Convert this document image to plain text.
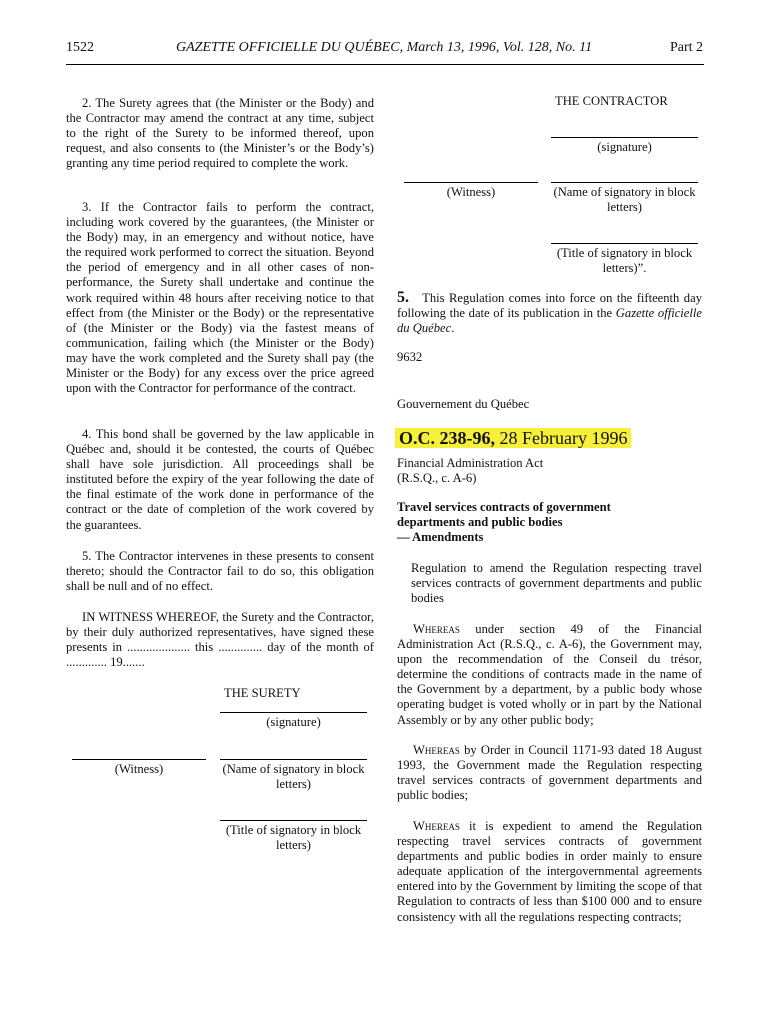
1522	GAZETTE OFFICIELLE DU QUÉBEC, March 13, 1996, Vol. 128, No. 11	Part 2

2. The Surety agrees that (the Minister or the Body) and the Contractor may amend the contract at any time, subject to the right of the Surety to be informed thereof, upon request, and also consents to (the Minister’s or the Body’s) granting any time period required to complete the work.

3. If the Contractor fails to perform the contract, including work covered by the guarantees, (the Minister or the Body) may, in an emergency and without notice, have the required work performed to correct the situation. Beyond the period of emergency and in all other cases of non-performance, the Surety shall undertake and continue the work required within 48 hours after receiving notice to that effect from (the Minister or the Body) or the representative of (the Minister or the Body) via the fastest means of communication, failing which (the Minister or the Body) may have the work completed and the Surety shall pay (the Minister or the Body) for any excess over the price agreed upon with the Contractor for performance of the contract.

4. This bond shall be governed by the law applicable in Québec and, should it be contested, the courts of Québec shall have sole jurisdiction. All proceedings shall be instituted before the expiry of the year following the date of the final estimate of the work done in performance of the contract or the date of completion of the work covered by the guarantees.

5. The Contractor intervenes in these presents to consent thereto; should the Contractor fail to do so, this obligation shall be null and of no effect.

IN WITNESS WHEREOF, the Surety and the Contractor, by their duly authorized representatives, have signed these presents in .................... this .............. day of the month of ............. 19.......

THE SURETY
(signature)
(Witness)	(Name of signatory in block letters)
(Title of signatory in block letters)
THE CONTRACTOR
(signature)
(Witness)	(Name of signatory in block letters)
(Title of signatory in block letters)”.

5. This Regulation comes into force on the fifteenth day following the date of its publication in the Gazette officielle du Québec.

9632
Gouvernement du Québec
O.C. 238-96, 28 February 1996
Financial Administration Act
(R.S.Q., c. A-6)
Travel services contracts of government departments and public bodies
— Amendments

Regulation to amend the Regulation respecting travel services contracts of government departments and public bodies

Whereas under section 49 of the Financial Administration Act (R.S.Q., c. A-6), the Government may, upon the recommendation of the Conseil du trésor, determine the conditions of contracts made in the name of the Government by a department, by a public body whose operating budget is voted wholly or in part by the National Assembly or by any other public body;

Whereas by Order in Council 1171-93 dated 18 August 1993, the Government made the Regulation respecting travel services contracts of government departments and public bodies;

Whereas it is expedient to amend the Regulation respecting travel services contracts of government departments and public bodies in order mainly to ensure adequate application of the intergovernmental agreements entered into by the Government by limiting the scope of that Regulation to contracts of less than $100 000 and to ensure consistency with all the regulations respecting contracts;
